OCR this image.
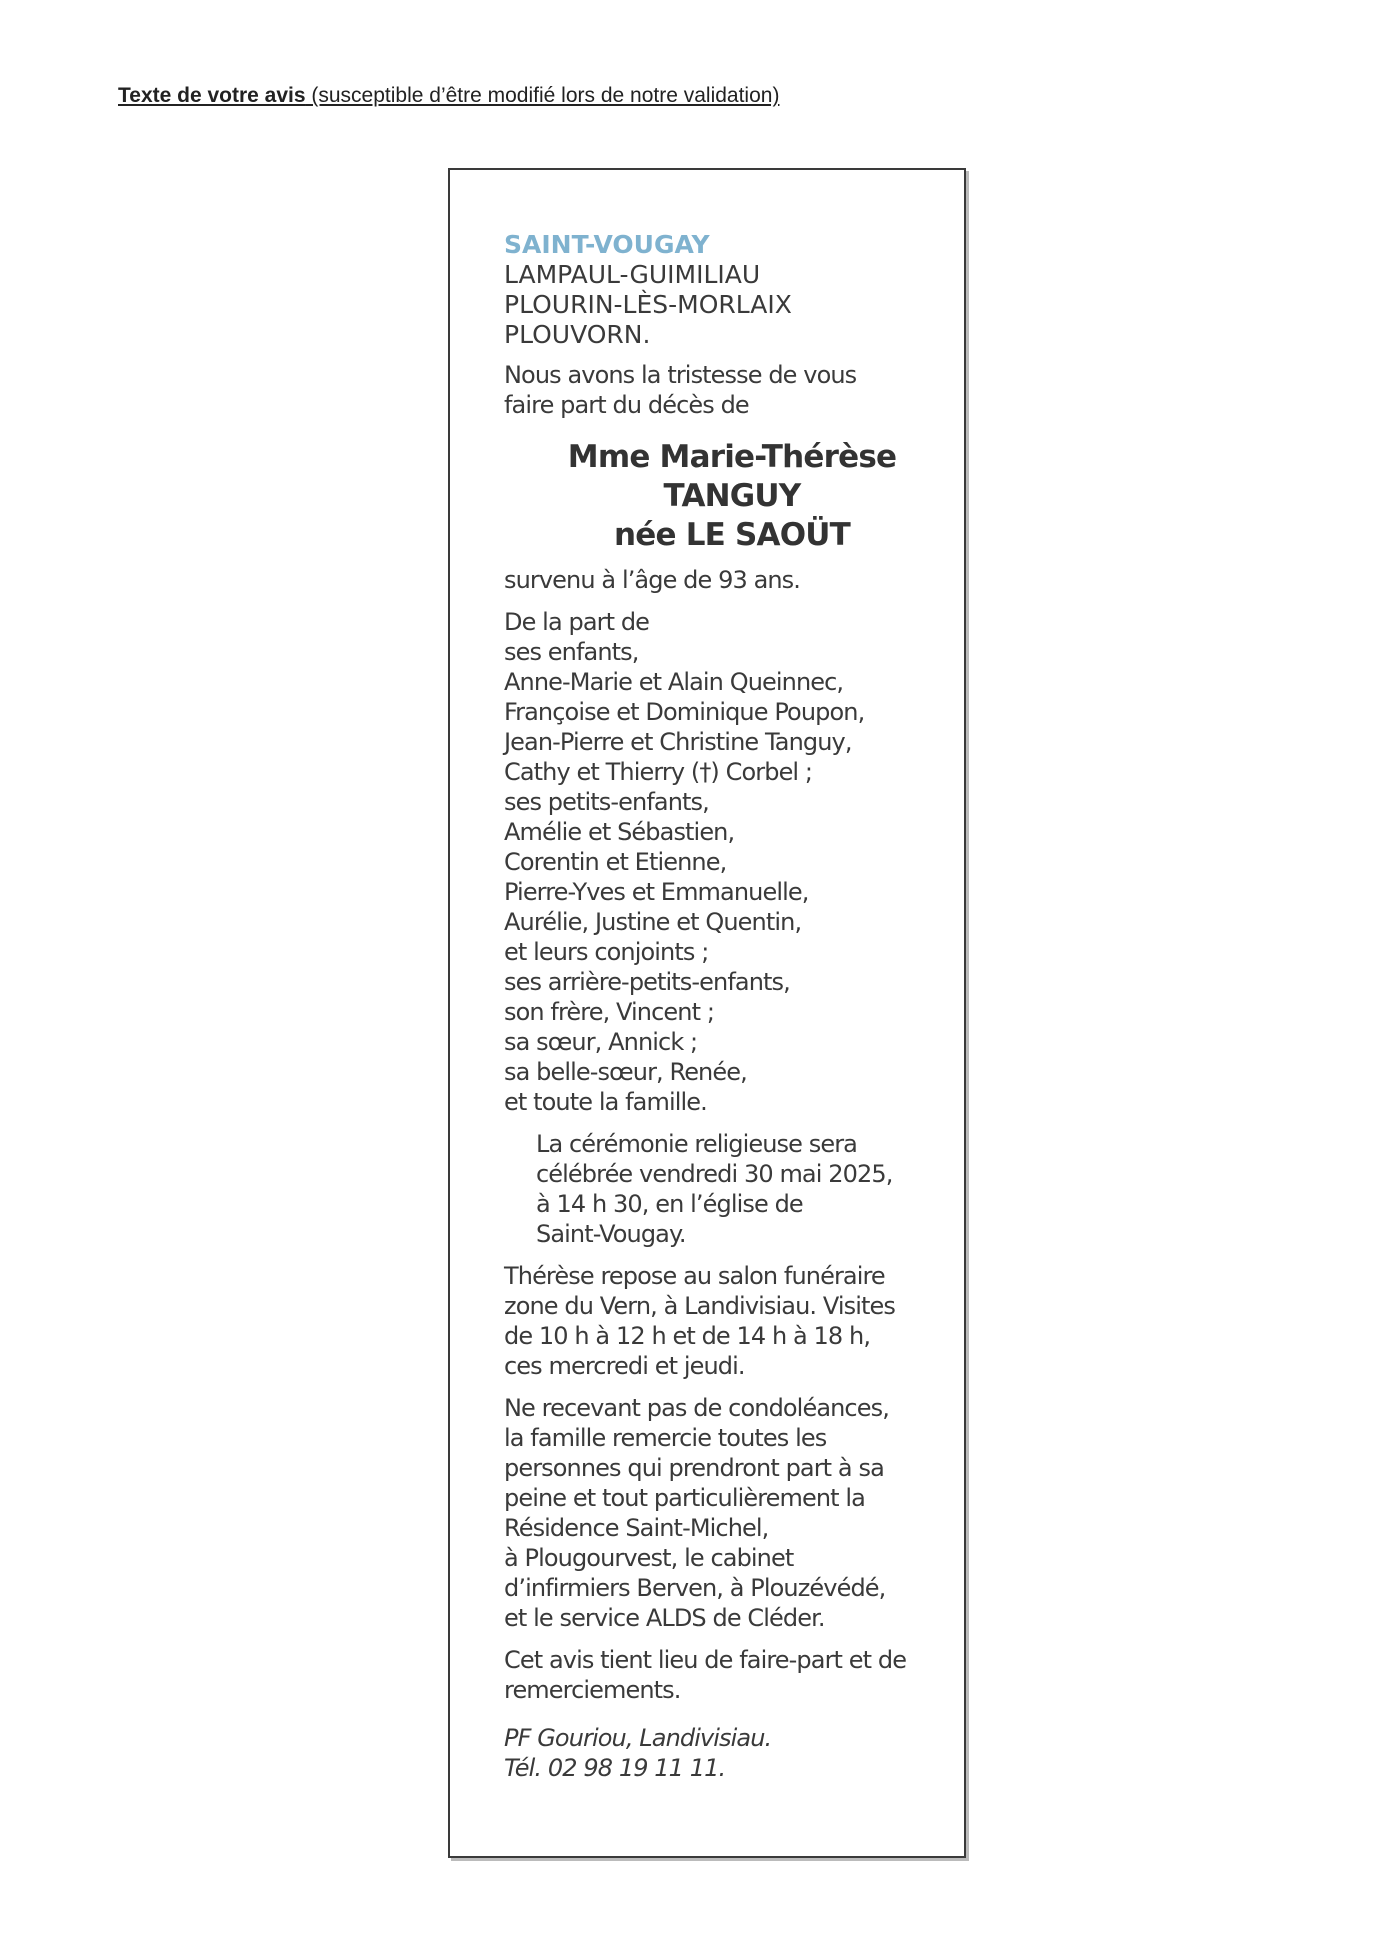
Texte de votre avis (susceptible d’être modifié lors de notre validation)
SAINT-VOUGAY
LAMPAUL-GUIMILIAU
PLOURIN-LÈS-MORLAIX
PLOUVORN.
Nous avons la tristesse de vous
faire part du décès de
Mme Marie-Thérèse
TANGUY
née LE SAOÜT
survenu à l’âge de 93 ans.
De la part de
ses enfants,
Anne-Marie et Alain Queinnec,
Françoise et Dominique Poupon,
Jean-Pierre et Christine Tanguy,
Cathy et Thierry (†) Corbel ;
ses petits-enfants,
Amélie et Sébastien,
Corentin et Etienne,
Pierre-Yves et Emmanuelle,
Aurélie, Justine et Quentin,
et leurs conjoints ;
ses arrière-petits-enfants,
son frère, Vincent ;
sa sœur, Annick ;
sa belle-sœur, Renée,
et toute la famille.
La cérémonie religieuse sera
célébrée vendredi 30 mai 2025,
à 14 h 30, en l’église de
Saint-Vougay.
Thérèse repose au salon funéraire
zone du Vern, à Landivisiau. Visites
de 10 h à 12 h et de 14 h à 18 h,
ces mercredi et jeudi.
Ne recevant pas de condoléances,
la famille remercie toutes les
personnes qui prendront part à sa
peine et tout particulièrement la
Résidence Saint-Michel,
à Plougourvest, le cabinet
d’infirmiers Berven, à Plouzévédé,
et le service ALDS de Cléder.
Cet avis tient lieu de faire-part et de
remerciements.
PF Gouriou, Landivisiau.
Tél. 02 98 19 11 11.
